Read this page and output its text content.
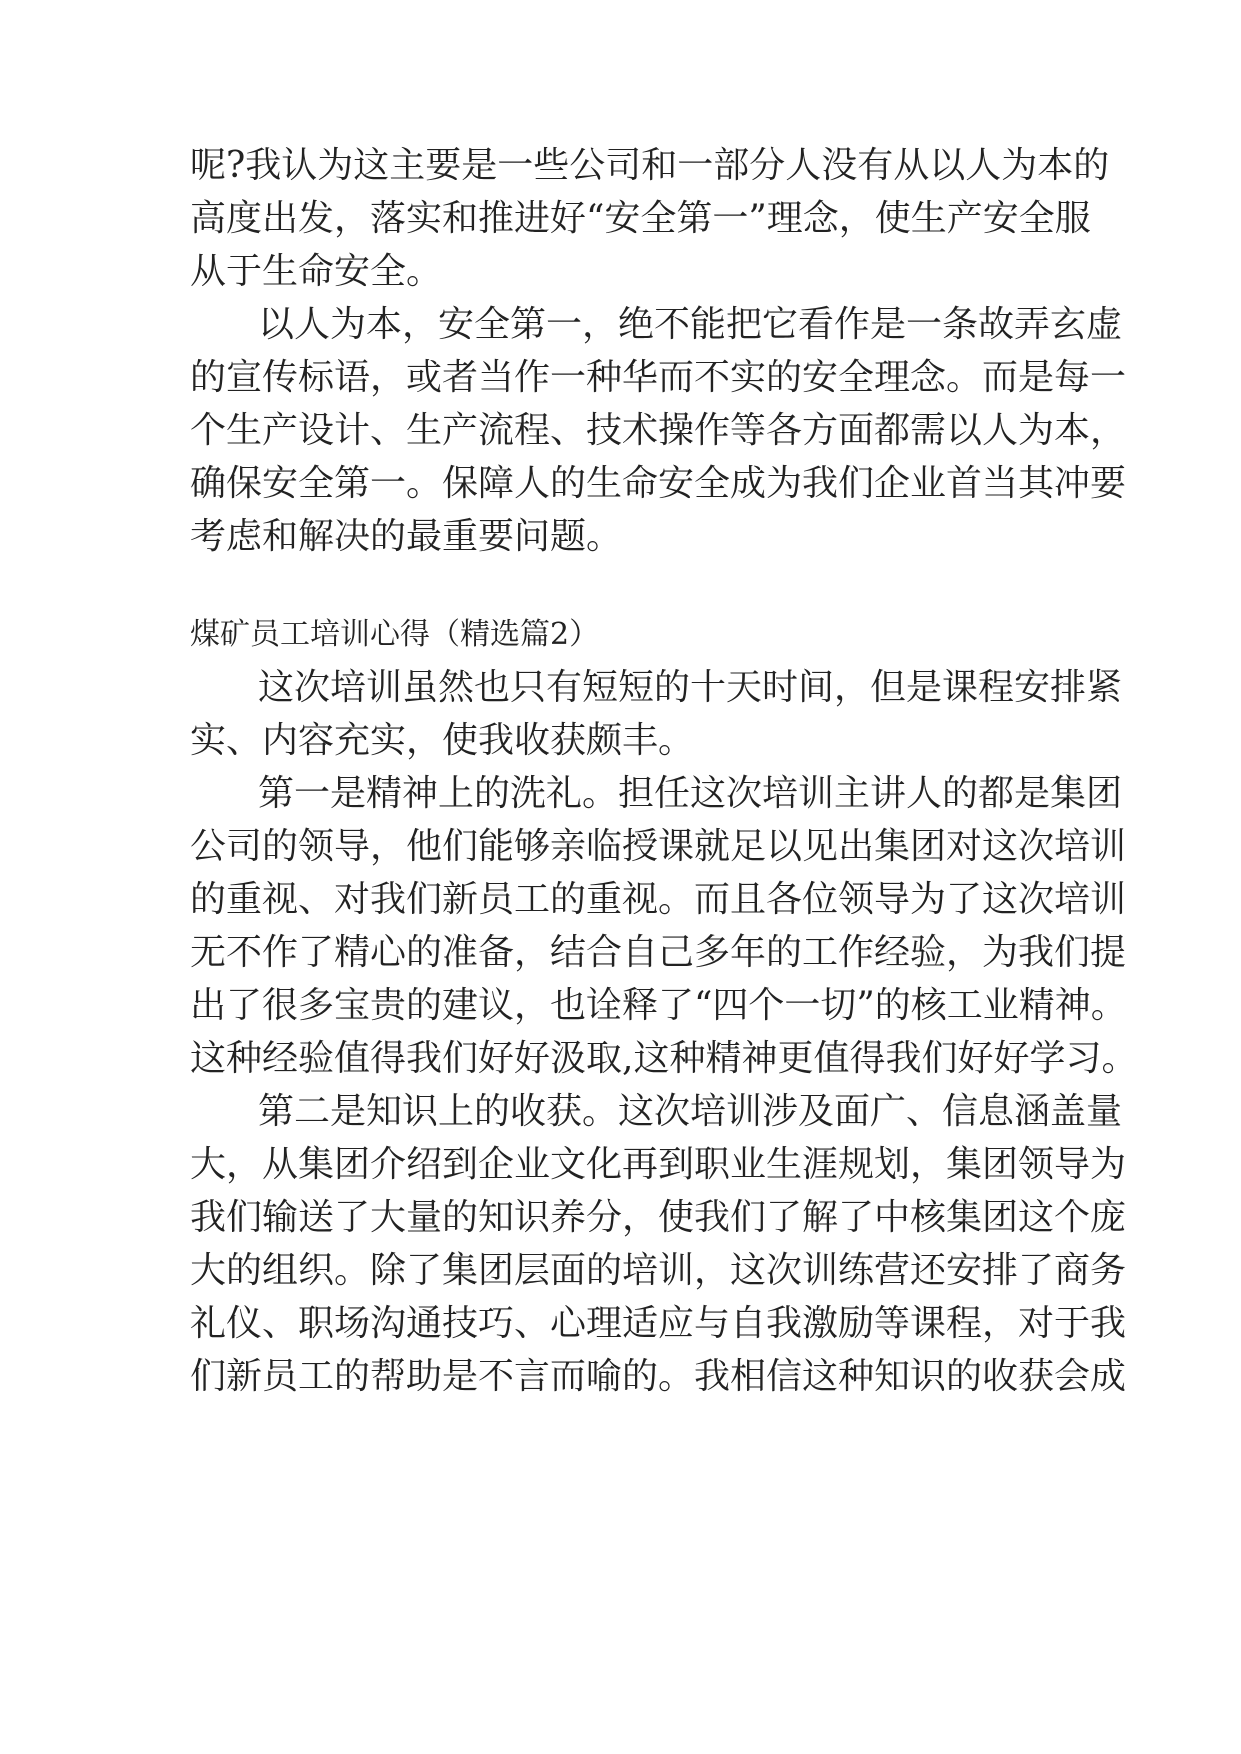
呢?我认为这主要是一些公司和一部分人没有从以人为本的
高度出发，落实和推进好“安全第一”理念，使生产安全服
从于生命安全。
以人为本，安全第一，绝不能把它看作是一条故弄玄虚
的宣传标语，或者当作一种华而不实的安全理念。而是每一
个生产设计、生产流程、技术操作等各方面都需以人为本，
确保安全第一。保障人的生命安全成为我们企业首当其冲要
考虑和解决的最重要问题。
煤矿员工培训心得（精选篇2）
这次培训虽然也只有短短的十天时间，但是课程安排紧
实、内容充实，使我收获颇丰。
第一是精神上的洗礼。担任这次培训主讲人的都是集团
公司的领导，他们能够亲临授课就足以见出集团对这次培训
的重视、对我们新员工的重视。而且各位领导为了这次培训
无不作了精心的准备，结合自己多年的工作经验，为我们提
出了很多宝贵的建议，也诠释了“四个一切”的核工业精神。
这种经验值得我们好好汲取,这种精神更值得我们好好学习。
第二是知识上的收获。这次培训涉及面广、信息涵盖量
大，从集团介绍到企业文化再到职业生涯规划，集团领导为
我们输送了大量的知识养分，使我们了解了中核集团这个庞
大的组织。除了集团层面的培训，这次训练营还安排了商务
礼仪、职场沟通技巧、心理适应与自我激励等课程，对于我
们新员工的帮助是不言而喻的。我相信这种知识的收获会成
